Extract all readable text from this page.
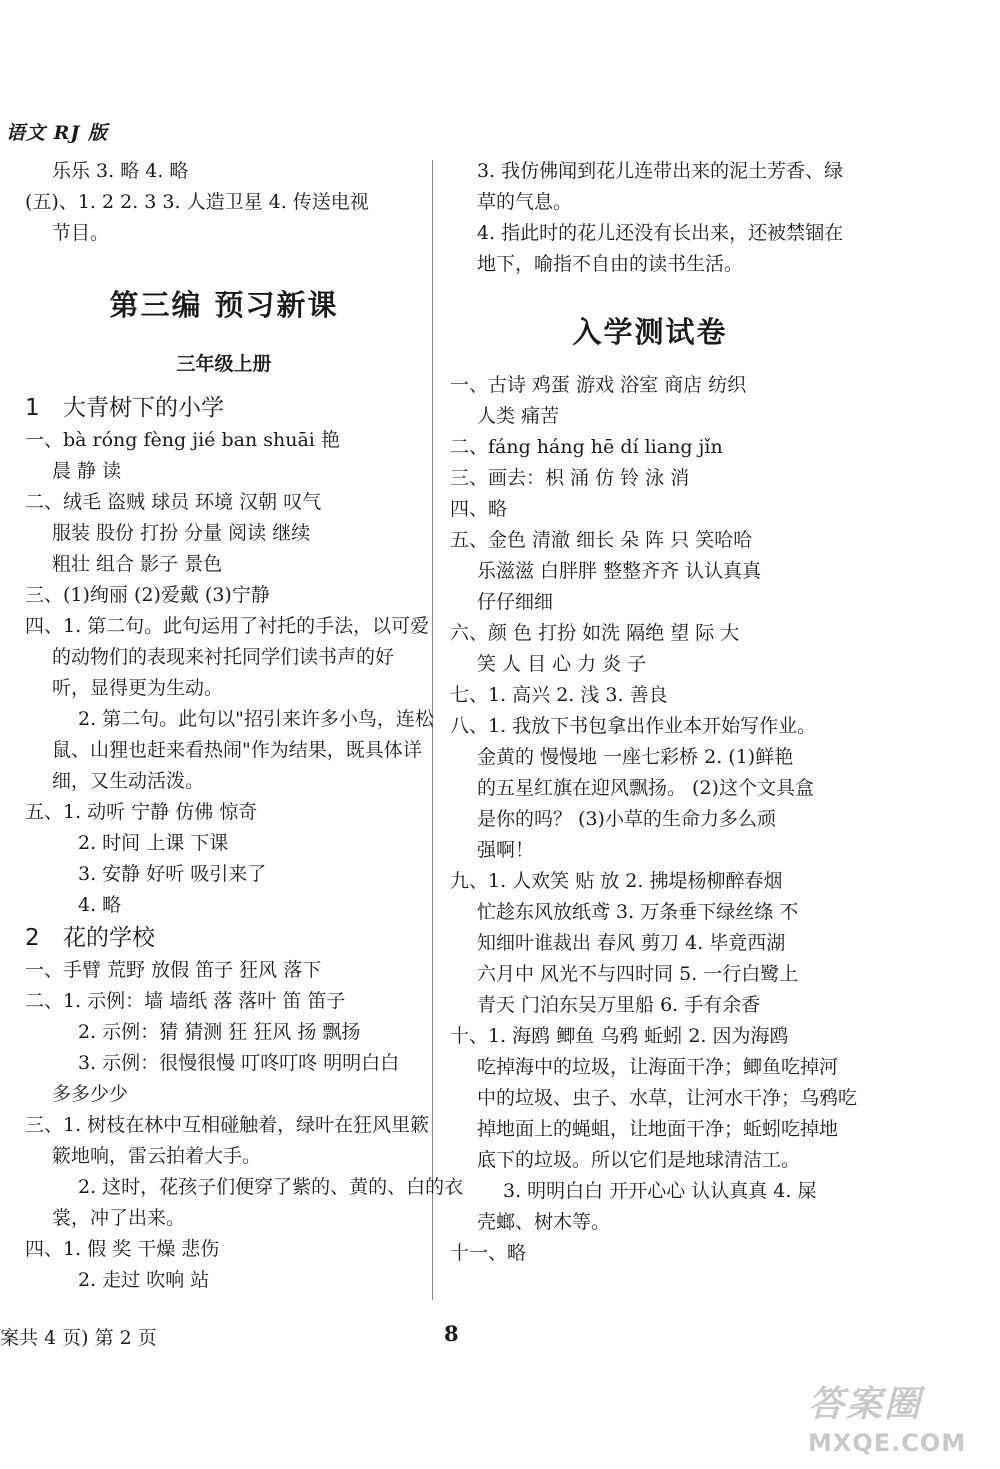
语文 RJ 版
乐乐 3. 略 4. 略
(五)、1. 2 2. 3 3. 人造卫星 4. 传送电视
节目。
第三编 预习新课
三年级上册
1 大青树下的小学
一、bà róng fèng jié ban shuāi 艳
晨 静 读
二、绒毛 盗贼 球员 环境 汉朝 叹气
服装 股份 打扮 分量 阅读 继续
粗壮 组合 影子 景色
三、(1)绚丽 (2)爱戴 (3)宁静
四、1. 第二句。此句运用了衬托的手法，以可爱
的动物们的表现来衬托同学们读书声的好
听，显得更为生动。
2. 第二句。此句以"招引来许多小鸟，连松
鼠、山狸也赶来看热闹"作为结果，既具体详
细，又生动活泼。
五、1. 动听 宁静 仿佛 惊奇
2. 时间 上课 下课
3. 安静 好听 吸引来了
4. 略
2 花的学校
一、手臂 荒野 放假 笛子 狂风 落下
二、1. 示例：墙 墙纸 落 落叶 笛 笛子
2. 示例：猜 猜测 狂 狂风 扬 飘扬
3. 示例：很慢很慢 叮咚叮咚 明明白白
多多少少
三、1. 树枝在林中互相碰触着，绿叶在狂风里簌
簌地响，雷云拍着大手。
2. 这时，花孩子们便穿了紫的、黄的、白的衣
裳，冲了出来。
四、1. 假 奖 干燥 悲伤
2. 走过 吹响 站
3. 我仿佛闻到花儿连带出来的泥土芳香、绿
草的气息。
4. 指此时的花儿还没有长出来，还被禁锢在
地下，喻指不自由的读书生活。
入学测试卷
一、古诗 鸡蛋 游戏 浴室 商店 纺织
人类 痛苦
二、fáng háng hē dí liang jǐn
三、画去：枳 涌 仿 铃 泳 消
四、略
五、金色 清澈 细长 朵 阵 只 笑哈哈
乐滋滋 白胖胖 整整齐齐 认认真真
仔仔细细
六、颜 色 打扮 如洗 隔绝 望 际 大
笑 人 目 心 力 炎 子
七、1. 高兴 2. 浅 3. 善良
八、1. 我放下书包拿出作业本开始写作业。
金黄的 慢慢地 一座七彩桥 2. (1)鲜艳
的五星红旗在迎风飘扬。 (2)这个文具盒
是你的吗？ (3)小草的生命力多么顽
强啊！
九、1. 人欢笑 贴 放 2. 拂堤杨柳醉春烟
忙趁东风放纸鸢 3. 万条垂下绿丝绦 不
知细叶谁裁出 春风 剪刀 4. 毕竟西湖
六月中 风光不与四时同 5. 一行白鹭上
青天 门泊东吴万里船 6. 手有余香
十、1. 海鸥 鲫鱼 乌鸦 蚯蚓 2. 因为海鸥
吃掉海中的垃圾，让海面干净；鲫鱼吃掉河
中的垃圾、虫子、水草，让河水干净；乌鸦吃
掉地面上的蝇蛆，让地面干净；蚯蚓吃掉地
底下的垃圾。所以它们是地球清洁工。
3. 明明白白 开开心心 认认真真 4. 屎
壳螂、树木等。
十一、略
案共 4 页) 第 2 页	8
答案圈
MXQE.COM
